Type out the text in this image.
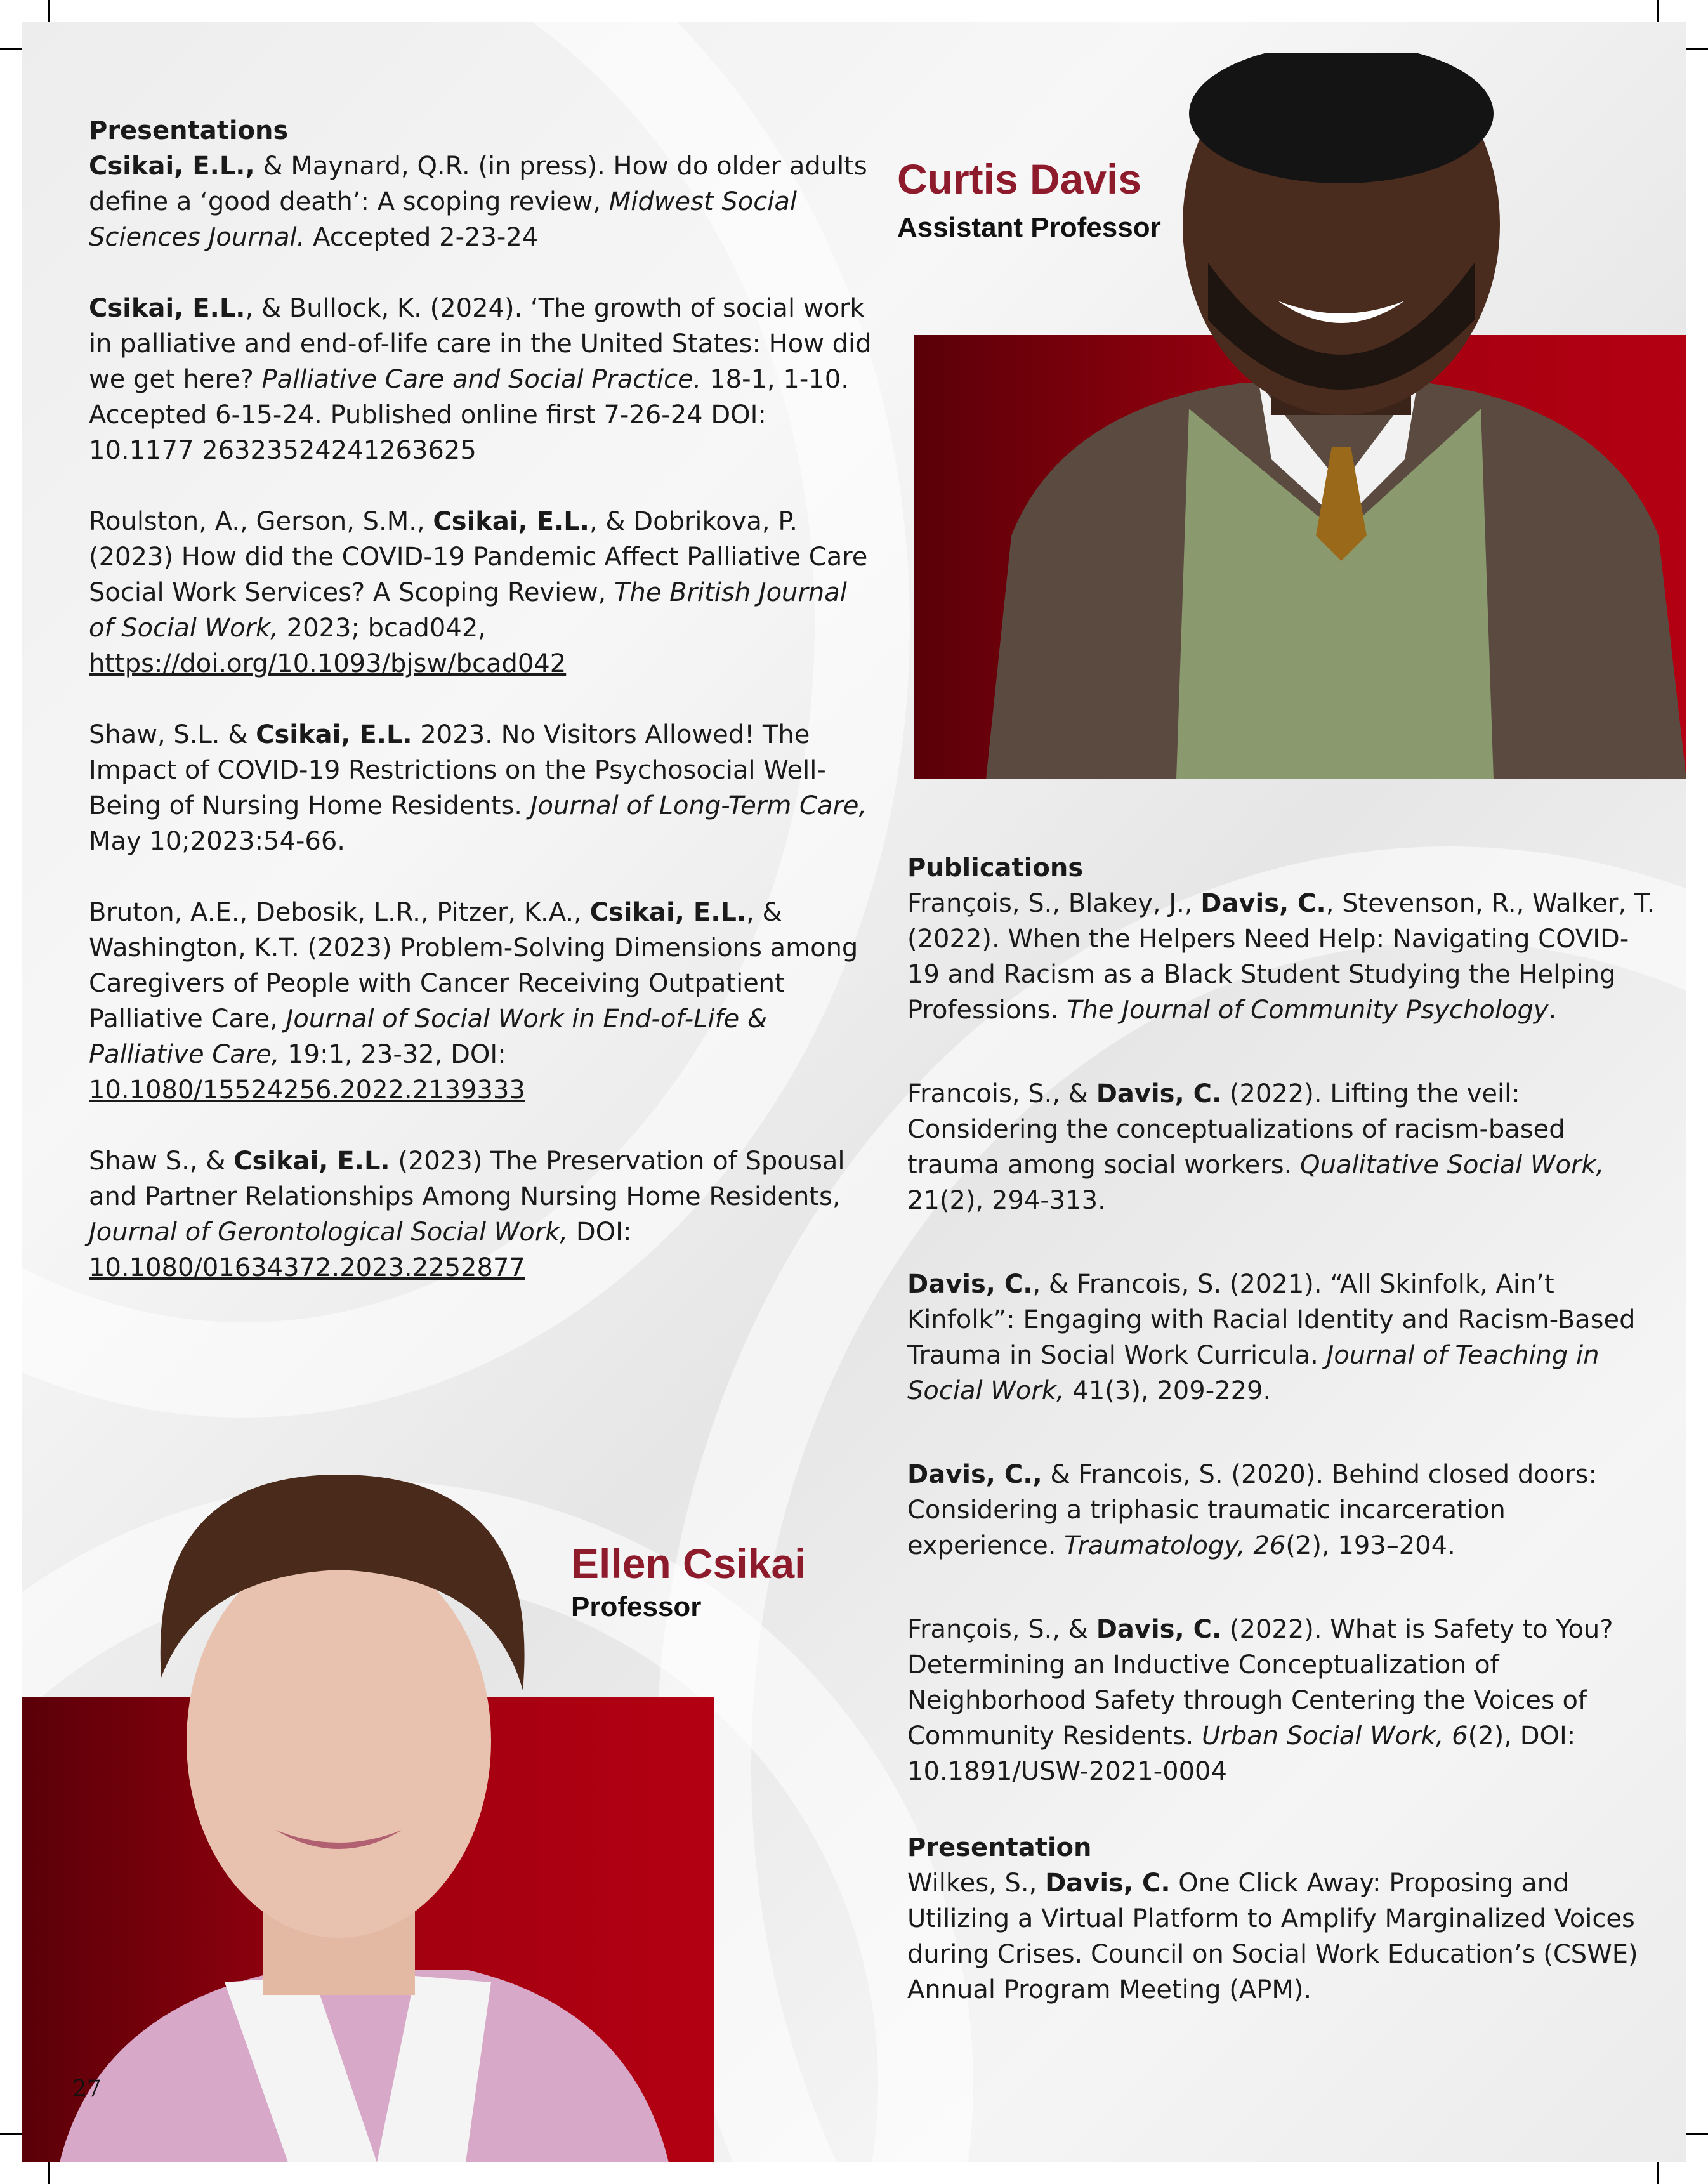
Presentations

Csikai, E.L., & Maynard, Q.R. (in press). How do older adults define a ‘good death’: A scoping review, Midwest Social Sciences Journal. Accepted 2-23-24

Csikai, E.L., & Bullock, K. (2024). ‘The growth of social work in palliative and end-of-life care in the United States: How did we get here? Palliative Care and Social Practice. 18-1, 1-10. Accepted 6-15-24. Published online first 7-26-24 DOI: 10.1177 26323524241263625

Roulston, A., Gerson, S.M., Csikai, E.L., & Dobrikova, P. (2023) How did the COVID-19 Pandemic Affect Palliative Care Social Work Services? A Scoping Review, The British Journal of Social Work, 2023; bcad042,
https://doi.org/10.1093/bjsw/bcad042

Shaw, S.L. & Csikai, E.L. 2023. No Visitors Allowed! The Impact of COVID-19 Restrictions on the Psychosocial Well-Being of Nursing Home Residents. Journal of Long-Term Care, May 10;2023:54-66.

Bruton, A.E., Debosik, L.R., Pitzer, K.A., Csikai, E.L., & Washington, K.T. (2023) Problem-Solving Dimensions among Caregivers of People with Cancer Receiving Outpatient Palliative Care, Journal of Social Work in End-of-Life & Palliative Care, 19:1, 23-32, DOI:
10.1080/15524256.2022.2139333

Shaw S., & Csikai, E.L. (2023) The Preservation of Spousal and Partner Relationships Among Nursing Home Residents, Journal of Gerontological Social Work, DOI: 10.1080/01634372.2023.2252877

Curtis Davis
Assistant Professor

Publications

François, S., Blakey, J., Davis, C., Stevenson, R., Walker, T. (2022). When the Helpers Need Help: Navigating COVID-19 and Racism as a Black Student Studying the Helping Professions. The Journal of Community Psychology.

Francois, S., & Davis, C. (2022). Lifting the veil: Considering the conceptualizations of racism-based trauma among social workers. Qualitative Social Work, 21(2), 294-313.

Davis, C., & Francois, S. (2021). “All Skinfolk, Ain’t Kinfolk”: Engaging with Racial Identity and Racism-Based Trauma in Social Work Curricula. Journal of Teaching in Social Work, 41(3), 209-229.

Davis, C., & Francois, S. (2020). Behind closed doors: Considering a triphasic traumatic incarceration experience. Traumatology, 26(2), 193–204.

François, S., & Davis, C. (2022). What is Safety to You? Determining an Inductive Conceptualization of Neighborhood Safety through Centering the Voices of Community Residents. Urban Social Work, 6(2), DOI: 10.1891/USW-2021-0004

Presentation

Wilkes, S., Davis, C. One Click Away: Proposing and Utilizing a Virtual Platform to Amplify Marginalized Voices during Crises. Council on Social Work Education’s (CSWE) Annual Program Meeting (APM).

Ellen Csikai
Professor
27
